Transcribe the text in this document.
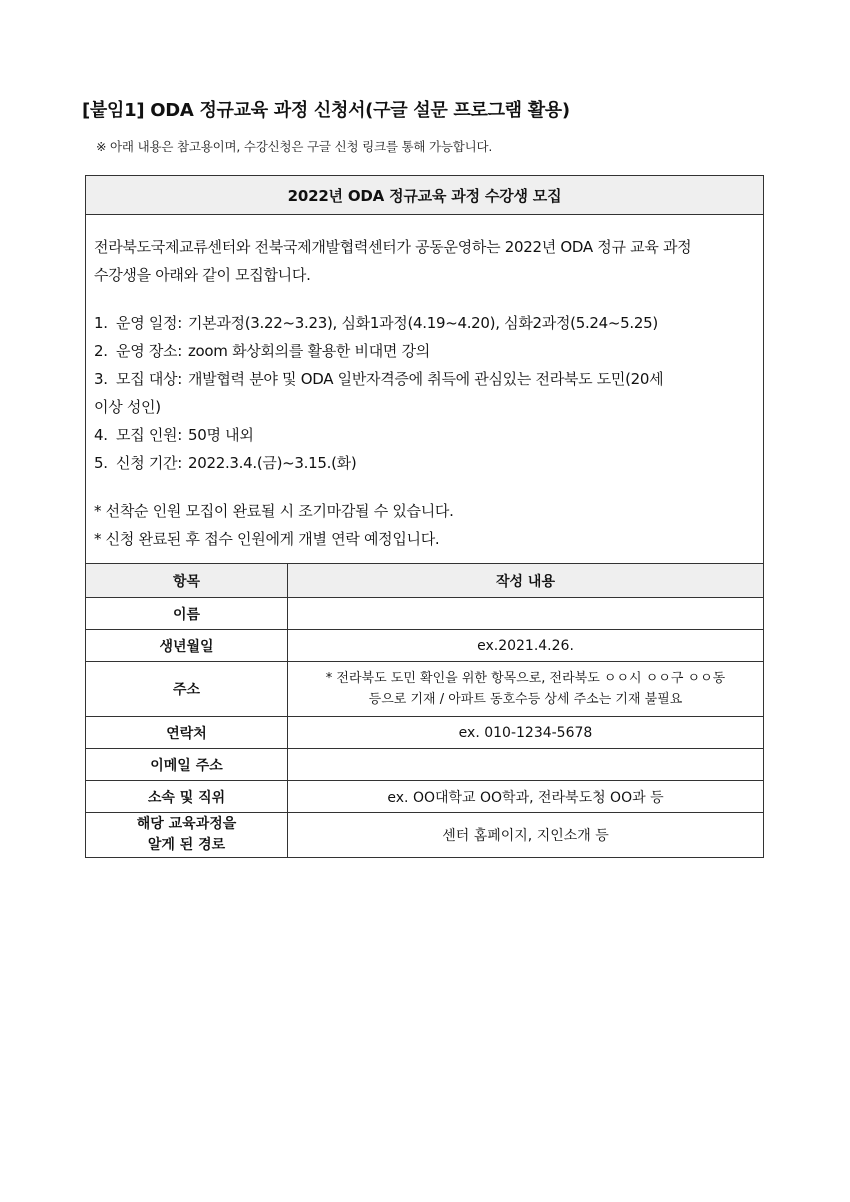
[붙임1] ODA 정규교육 과정 신청서(구글 설문 프로그램 활용)
※ 아래 내용은 참고용이며, 수강신청은 구글 신청 링크를 통해 가능합니다.
2022년 ODA 정규교육 과정 수강생 모집

전라북도국제교류센터와 전북국제개발협력센터가 공동운영하는 2022년 ODA 정규 교육 과정

수강생을 아래와 같이 모집합니다.

1. 운영 일정: 기본과정(3.22~3.23), 심화1과정(4.19~4.20), 심화2과정(5.24~5.25)
2. 운영 장소: zoom 화상회의를 활용한 비대면 강의
3. 모집 대상: 개발협력 분야 및 ODA 일반자격증에 취득에 관심있는 전라북도 도민(20세
이상 성인)
4. 모집 인원: 50명 내외
5. 신청 기간: 2022.3.4.(금)~3.15.(화)

* 선착순 인원 모집이 완료될 시 조기마감될 수 있습니다.

* 신청 완료된 후 접수 인원에게 개별 연락 예정입니다.

항목	작성 내용
이름	
생년월일	ex.2021.4.26.
주소	* 전라북도 도민 확인을 위한 항목으로, 전라북도 ㅇㅇ시 ㅇㅇ구 ㅇㅇ동
등으로 기재 / 아파트 동호수등 상세 주소는 기재 불필요

연락처	ex. 010-1234-5678
이메일 주소	
소속 및 직위	ex. OO대학교 OO학과, 전라북도청 OO과 등

해당 교육과정을
알게 된 경로	센터 홈페이지, 지인소개 등
